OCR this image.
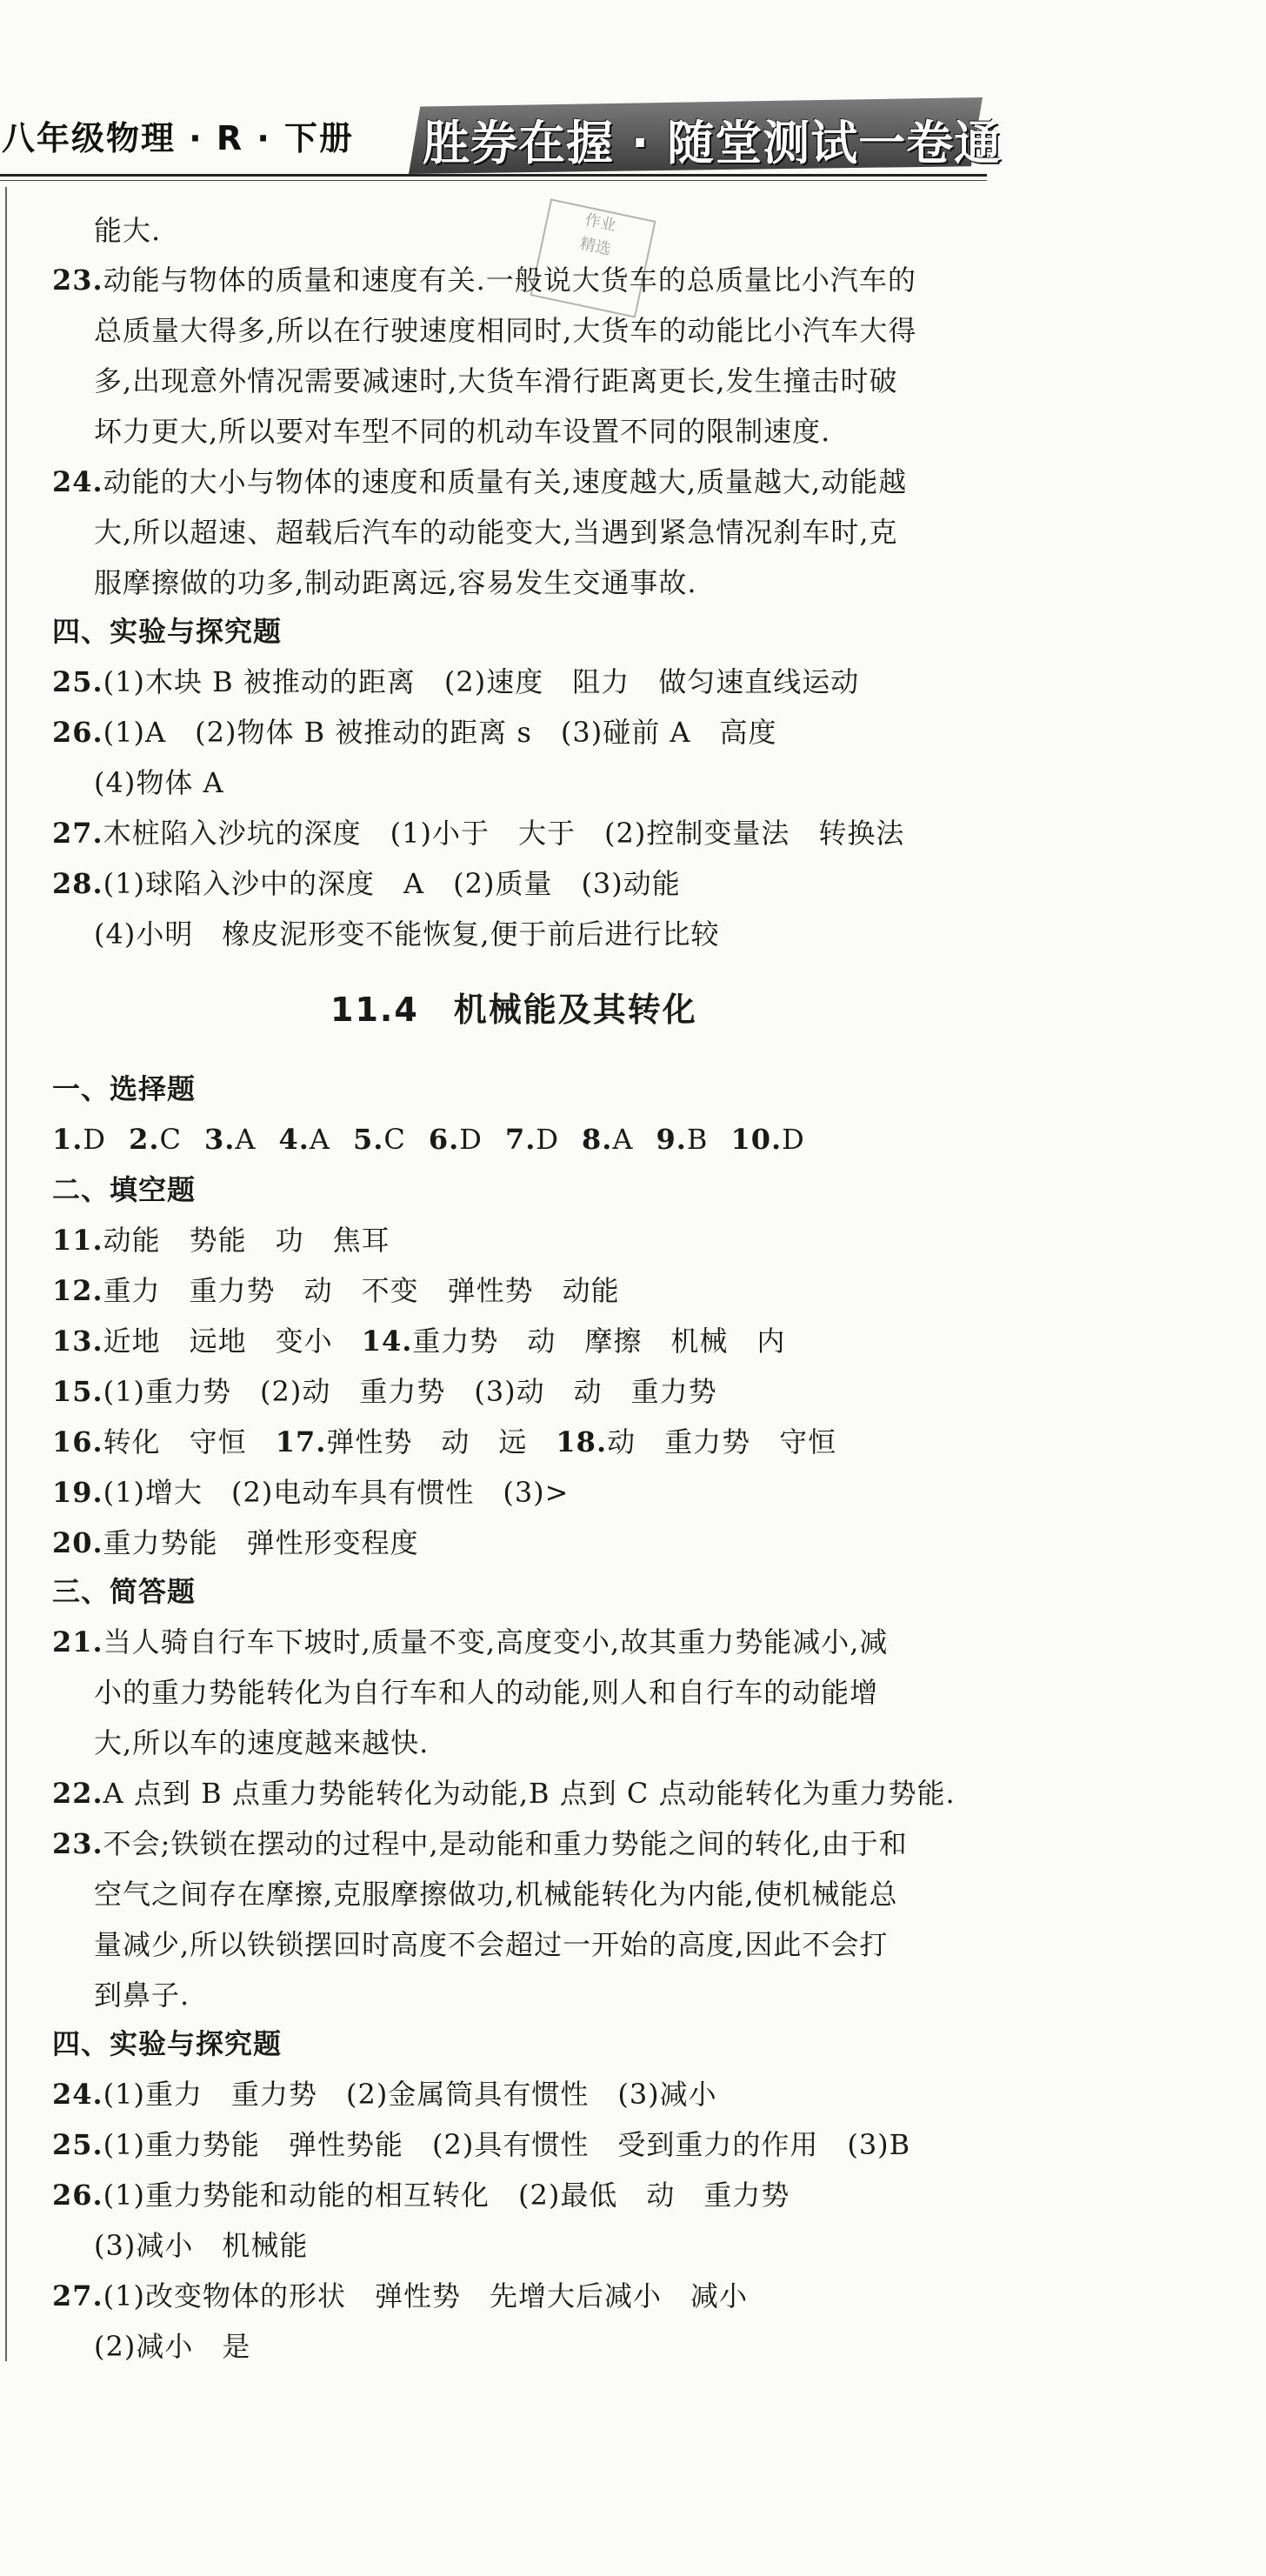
八年级物理 · R · 下册 胜券在握 · 随堂测试一卷通
作业
精选
能大.
23.动能与物体的质量和速度有关.一般说大货车的总质量比小汽车的
总质量大得多,所以在行驶速度相同时,大货车的动能比小汽车大得
多,出现意外情况需要减速时,大货车滑行距离更长,发生撞击时破
坏力更大,所以要对车型不同的机动车设置不同的限制速度.
24.动能的大小与物体的速度和质量有关,速度越大,质量越大,动能越
大,所以超速、超载后汽车的动能变大,当遇到紧急情况刹车时,克
服摩擦做的功多,制动距离远,容易发生交通事故.
四、实验与探究题
25.(1)木块 B 被推动的距离　(2)速度　阻力　做匀速直线运动
26.(1)A　(2)物体 B 被推动的距离 s　(3)碰前 A　高度
(4)物体 A
27.木桩陷入沙坑的深度　(1)小于　大于　(2)控制变量法　转换法
28.(1)球陷入沙中的深度　A　(2)质量　(3)动能
(4)小明　橡皮泥形变不能恢复,便于前后进行比较
11.4　机械能及其转化
一、选择题
1.D 2.C 3.A 4.A 5.C 6.D 7.D 8.A 9.B 10.D
二、填空题
11.动能　势能　功　焦耳
12.重力　重力势　动　不变　弹性势　动能
13.近地　远地　变小　 14.重力势　动　摩擦　机械　内
15.(1)重力势　(2)动　重力势　(3)动　动　重力势
16.转化　守恒　 17.弹性势　动　远　 18.动　重力势　守恒
19.(1)增大　(2)电动车具有惯性　(3)>
20.重力势能　弹性形变程度
三、简答题
21.当人骑自行车下坡时,质量不变,高度变小,故其重力势能减小,减
小的重力势能转化为自行车和人的动能,则人和自行车的动能增
大,所以车的速度越来越快.
22.A 点到 B 点重力势能转化为动能,B 点到 C 点动能转化为重力势能.
23.不会;铁锁在摆动的过程中,是动能和重力势能之间的转化,由于和
空气之间存在摩擦,克服摩擦做功,机械能转化为内能,使机械能总
量减少,所以铁锁摆回时高度不会超过一开始的高度,因此不会打
到鼻子.
四、实验与探究题
24.(1)重力　重力势　(2)金属筒具有惯性　(3)减小
25.(1)重力势能　弹性势能　(2)具有惯性　受到重力的作用　(3)B
26.(1)重力势能和动能的相互转化　(2)最低　动　重力势
(3)减小　机械能
27.(1)改变物体的形状　弹性势　先增大后减小　减小
(2)减小　是
